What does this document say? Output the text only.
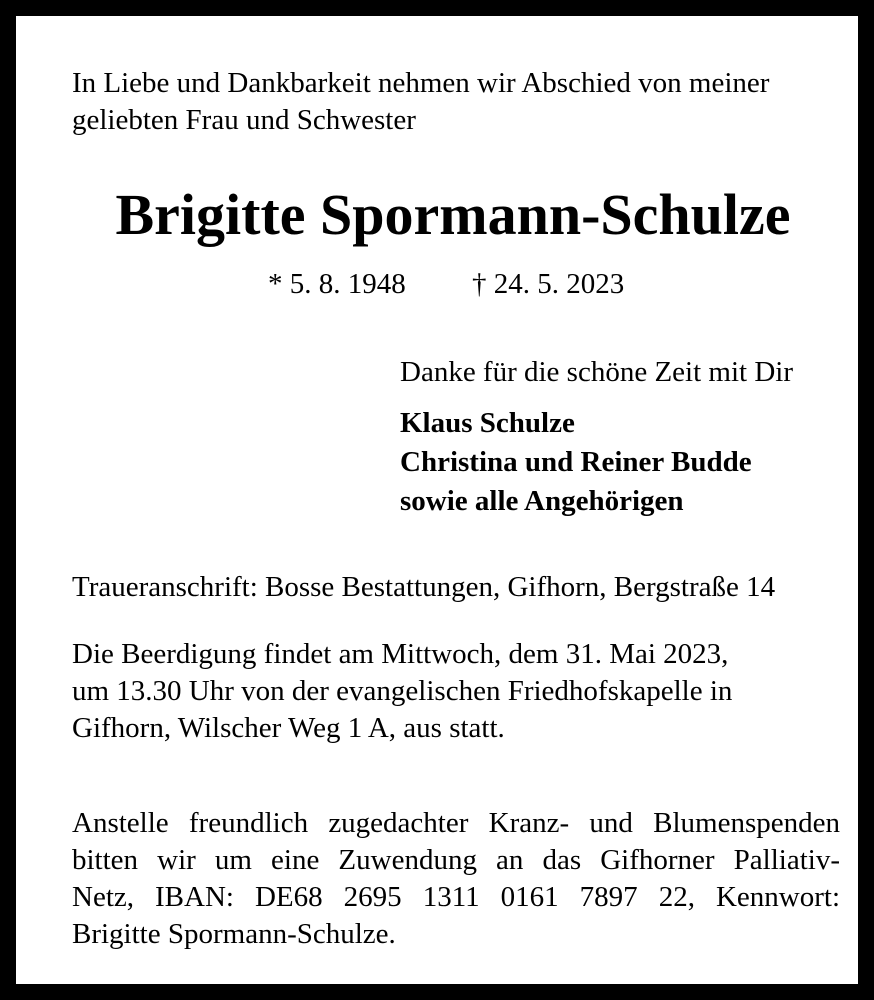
In Liebe und Dankbarkeit nehmen wir Abschied von meiner
geliebten Frau und Schwester
Brigitte Spormann-Schulze
* 5. 8. 1948 † 24. 5. 2023
Danke für die schöne Zeit mit Dir
Klaus Schulze
Christina und Reiner Budde
sowie alle Angehörigen
Traueranschrift: Bosse Bestattungen, Gifhorn, Bergstraße 14
Die Beerdigung findet am Mittwoch, dem 31. Mai 2023,
um 13.30 Uhr von der evangelischen Friedhofskapelle in
Gifhorn, Wilscher Weg 1 A, aus statt.
Anstelle freundlich zugedachter Kranz- und Blumenspenden
bitten wir um eine Zuwendung an das Gifhorner Palliativ-
Netz, IBAN: DE68 2695 1311 0161 7897 22, Kennwort:
Brigitte Spormann-Schulze.
